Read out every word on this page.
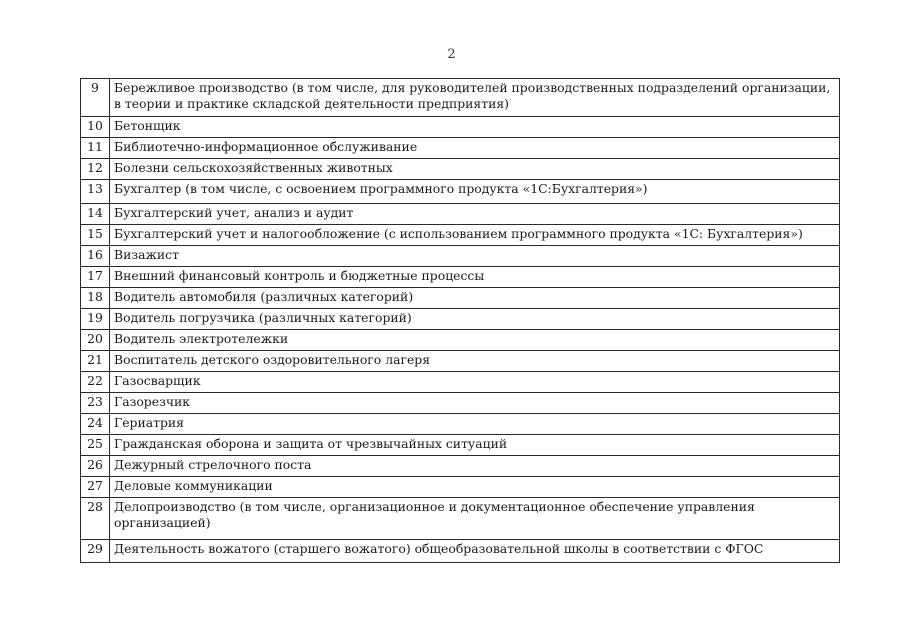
2
9	Бережливое производство (в том числе, для руководителей производственных подразделений организации, в теории и практике складской деятельности предприятия)
10	Бетонщик
11	Библиотечно-информационное обслуживание
12	Болезни сельскохозяйственных животных
13	Бухгалтер (в том числе, с освоением программного продукта «1С:Бухгалтерия»)
14	Бухгалтерский учет, анализ и аудит
15	Бухгалтерский учет и налогообложение (с использованием программного продукта «1С: Бухгалтерия»)
16	Визажист
17	Внешний финансовый контроль и бюджетные процессы
18	Водитель автомобиля (различных категорий)
19	Водитель погрузчика (различных категорий)
20	Водитель электротележки
21	Воспитатель детского оздоровительного лагеря
22	Газосварщик
23	Газорезчик
24	Гериатрия
25	Гражданская оборона и защита от чрезвычайных ситуаций
26	Дежурный стрелочного поста
27	Деловые коммуникации
28	Делопроизводство (в том числе, организационное и документационное обеспечение управления организацией)
29	Деятельность вожатого (старшего вожатого) общеобразовательной школы в соответствии с ФГОС
